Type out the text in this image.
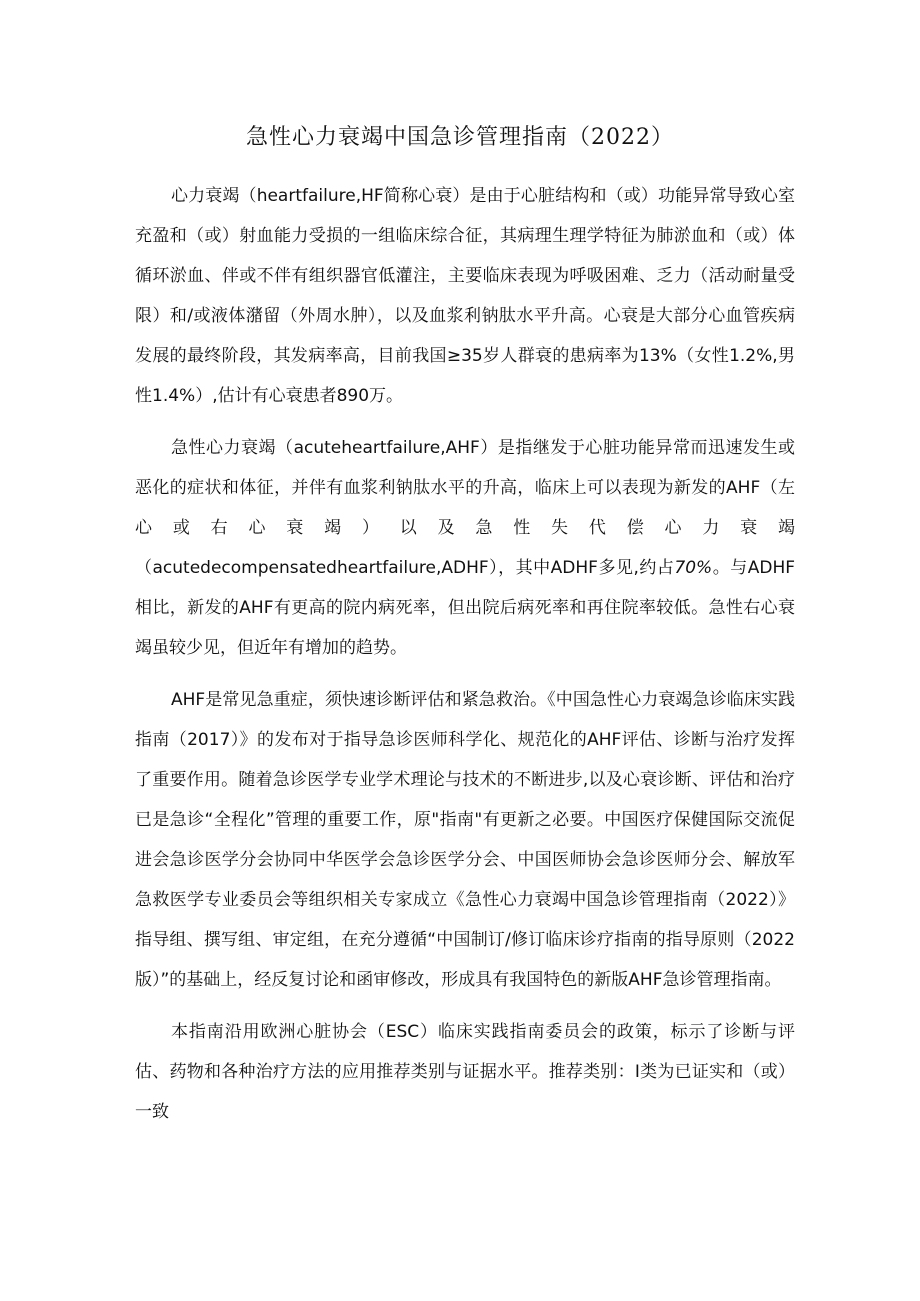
急性心力衰竭中国急诊管理指南（2022）

心力衰竭（heartfailure,HF简称心衰）是由于心脏结构和（或）功能异常导致心室充盈和（或）射血能力受损的一组临床综合征，其病理生理学特征为肺淤血和（或）体循环淤血、伴或不伴有组织器官低灌注，主要临床表现为呼吸困难、乏力（活动耐量受限）和/或液体潴留（外周水肿），以及血浆利钠肽水平升高。心衰是大部分心血管疾病发展的最终阶段，其发病率高，目前我国≥35岁人群衰的患病率为13%（女性1.2%,男性1.4%）,估计有心衰患者890万。

急性心力衰竭（acuteheartfailure,AHF）是指继发于心脏功能异常而迅速发生或恶化的症状和体征，并伴有血浆利钠肽水平的升高，临床上可以表现为新发的AHF（左心或右心衰竭）以及急性失代偿心力衰竭（acutedecompensatedheartfailure,ADHF），其中ADHF多见,约占70%。与ADHF相比，新发的AHF有更高的院内病死率，但出院后病死率和再住院率较低。急性右心衰竭虽较少见，但近年有增加的趋势。

AHF是常见急重症，须快速诊断评估和紧急救治。《中国急性心力衰竭急诊临床实践指南（2017）》的发布对于指导急诊医师科学化、规范化的AHF评估、诊断与治疗发挥了重要作用。随着急诊医学专业学术理论与技术的不断进步,以及心衰诊断、评估和治疗已是急诊“全程化”管理的重要工作，原"指南"有更新之必要。中国医疗保健国际交流促进会急诊医学分会协同中华医学会急诊医学分会、中国医师协会急诊医师分会、解放军急救医学专业委员会等组织相关专家成立《急性心力衰竭中国急诊管理指南（2022）》指导组、撰写组、审定组，在充分遵循“中国制订/修订临床诊疗指南的指导原则（2022版）”的基础上，经反复讨论和函审修改，形成具有我国特色的新版AHF急诊管理指南。

本指南沿用欧洲心脏协会（ESC）临床实践指南委员会的政策，标示了诊断与评估、药物和各种治疗方法的应用推荐类别与证据水平。推荐类别：I类为已证实和（或）一致
